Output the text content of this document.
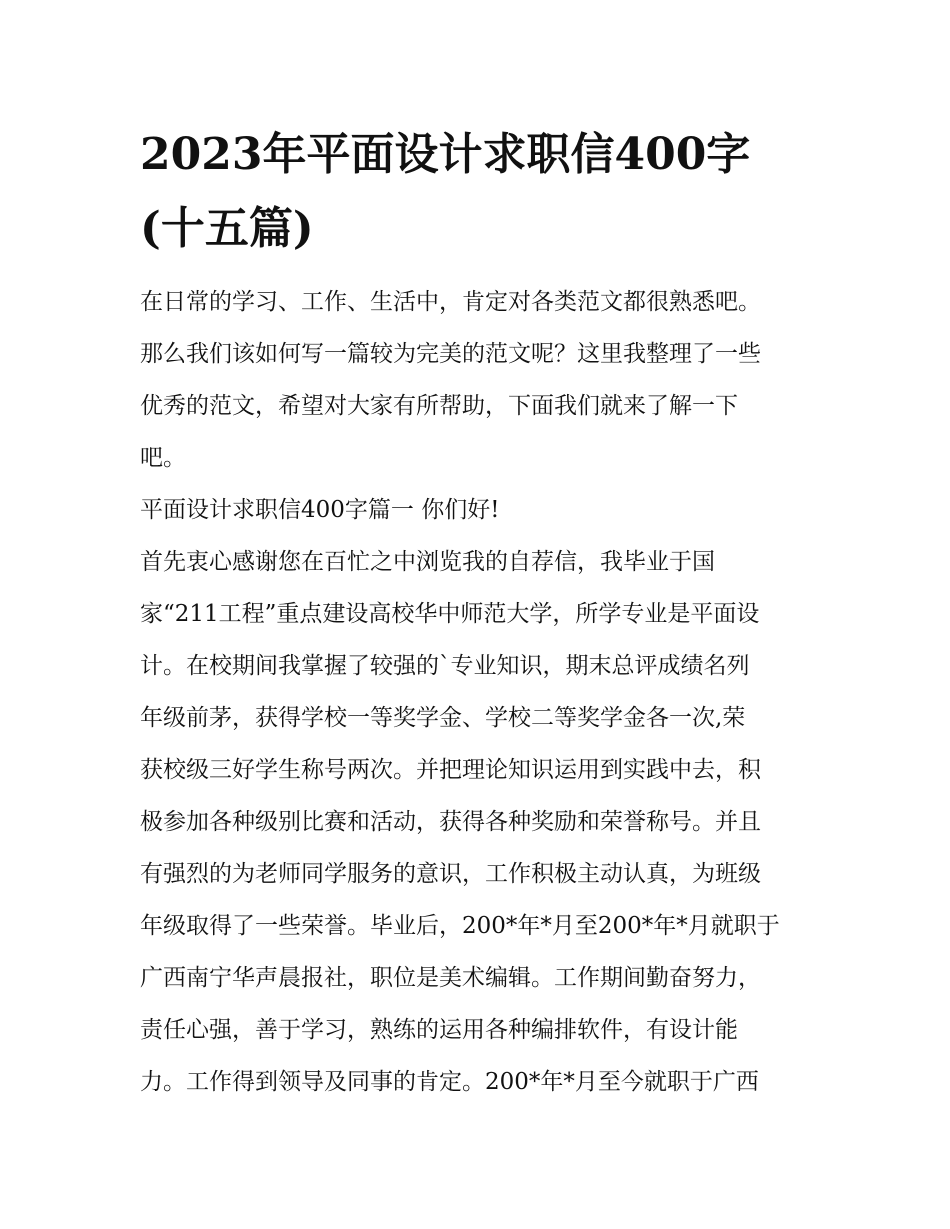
2023年平面设计求职信400字
(十五篇)
在日常的学习、工作、生活中，肯定对各类范文都很熟悉吧。
那么我们该如何写一篇较为完美的范文呢？这里我整理了一些
优秀的范文，希望对大家有所帮助，下面我们就来了解一下
吧。
平面设计求职信400字篇一 你们好!
首先衷心感谢您在百忙之中浏览我的自荐信，我毕业于国
家“211工程”重点建设高校华中师范大学，所学专业是平面设
计。在校期间我掌握了较强的`专业知识，期末总评成绩名列
年级前茅，获得学校一等奖学金、学校二等奖学金各一次,荣
获校级三好学生称号两次。并把理论知识运用到实践中去，积
极参加各种级别比赛和活动，获得各种奖励和荣誉称号。并且
有强烈的为老师同学服务的意识，工作积极主动认真，为班级
年级取得了一些荣誉。毕业后，200*年*月至200*年*月就职于
广西南宁华声晨报社，职位是美术编辑。工作期间勤奋努力，
责任心强，善于学习，熟练的运用各种编排软件，有设计能
力。工作得到领导及同事的肯定。200*年*月至今就职于广西
